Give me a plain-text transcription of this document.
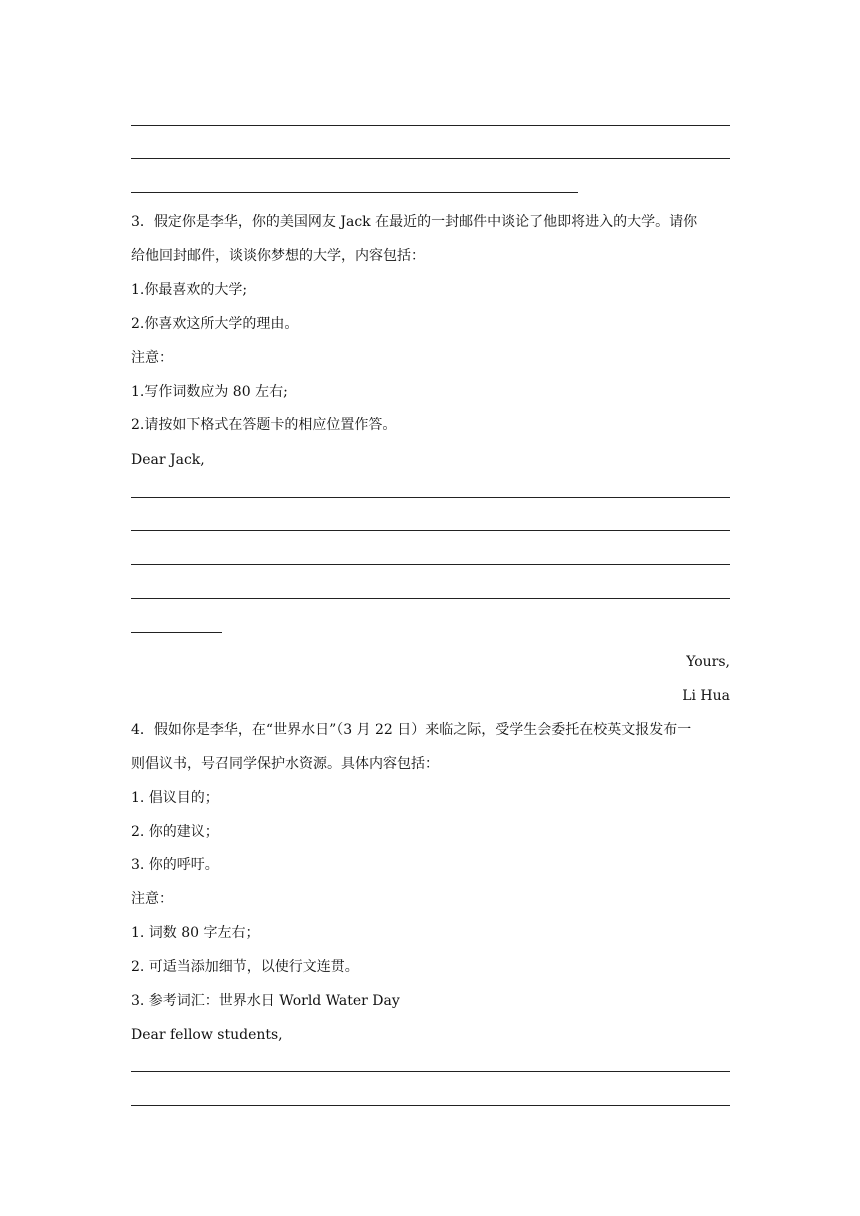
3．假定你是李华，你的美国网友 Jack 在最近的一封邮件中谈论了他即将进入的大学。请你
给他回封邮件，谈谈你梦想的大学，内容包括：
1.你最喜欢的大学;
2.你喜欢这所大学的理由。
注意：
1.写作词数应为 80 左右;
2.请按如下格式在答题卡的相应位置作答。
Dear Jack,
Yours,
Li Hua
4．假如你是李华，在“世界水日”（3 月 22 日）来临之际，受学生会委托在校英文报发布一
则倡议书，号召同学保护水资源。具体内容包括：
1. 倡议目的；
2. 你的建议；
3. 你的呼吁。
注意：
1. 词数 80 字左右；
2. 可适当添加细节，以使行文连贯。
3. 参考词汇：世界水日 World Water Day
Dear fellow students,
